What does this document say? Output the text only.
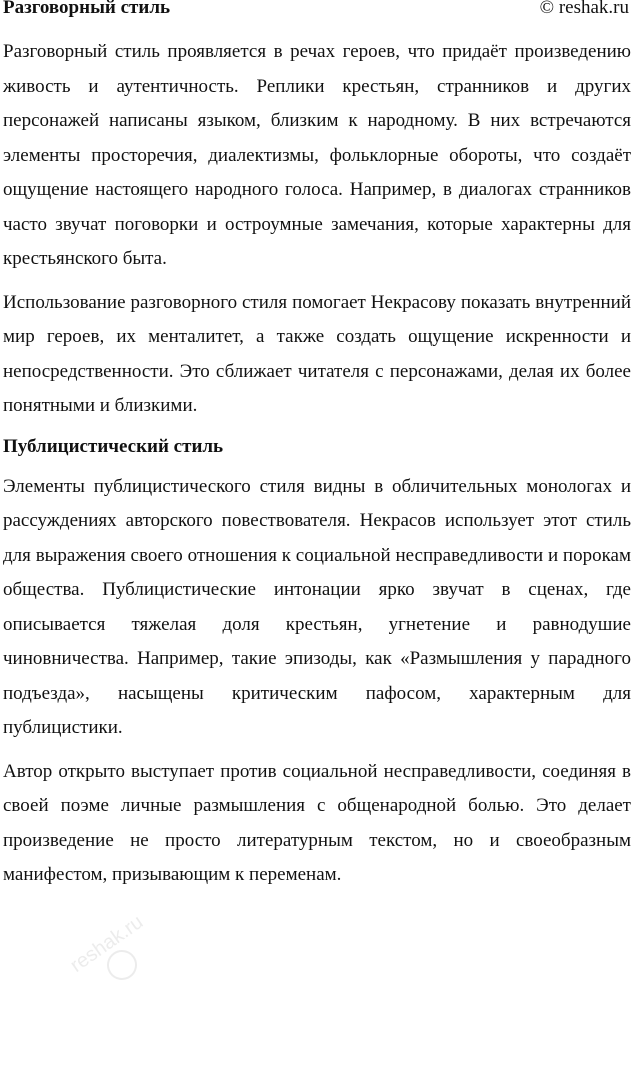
Разговорный стиль	© reshak.ru

Разговорный стиль проявляется в речах героев, что придаёт произведению живость и аутентичность. Реплики крестьян, странников и других персонажей написаны языком, близким к народному. В них встречаются элементы просторечия, диалектизмы, фольклорные обороты, что создаёт ощущение настоящего народного голоса. Например, в диалогах странников часто звучат поговорки и остроумные замечания, которые характерны для крестьянского быта.

Использование разговорного стиля помогает Некрасову показать внутренний мир героев, их менталитет, а также создать ощущение искренности и непосредственности. Это сближает читателя с персонажами, делая их более понятными и близкими.

Публицистический стиль

Элементы публицистического стиля видны в обличительных монологах и рассуждениях авторского повествователя. Некрасов использует этот стиль для выражения своего отношения к социальной несправедливости и порокам общества. Публицистические интонации ярко звучат в сценах, где описывается тяжелая доля крестьян, угнетение и равнодушие чиновничества. Например, такие эпизоды, как «Размышления у парадного подъезда», насыщены критическим пафосом, характерным для публицистики.

Автор открыто выступает против социальной несправедливости, соединяя в своей поэме личные размышления с общенародной болью. Это делает произведение не просто литературным текстом, но и своеобразным манифестом, призывающим к переменам.

reshak.ru
